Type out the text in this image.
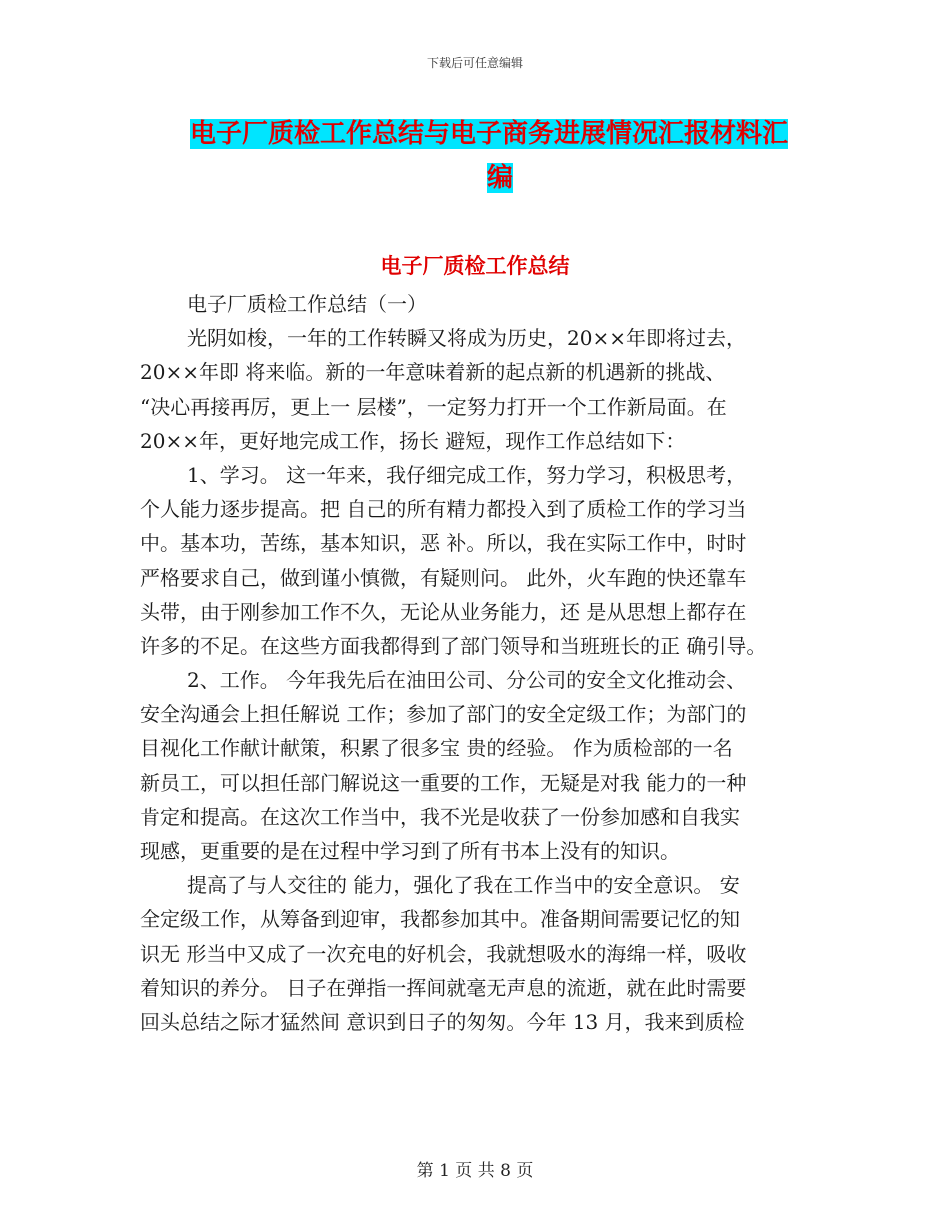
下载后可任意编辑
电子厂质检工作总结与电子商务进展情况汇报材料汇
编
电子厂质检工作总结
电子厂质检工作总结（一）
光阴如梭，一年的工作转瞬又将成为历史，20××年即将过去，
20××年即 将来临。新的一年意味着新的起点新的机遇新的挑战、
“决心再接再厉，更上一 层楼”，一定努力打开一个工作新局面。在
20××年，更好地完成工作，扬长 避短，现作工作总结如下：
1、学习。 这一年来，我仔细完成工作，努力学习，积极思考，
个人能力逐步提高。把 自己的所有精力都投入到了质检工作的学习当
中。基本功，苦练，基本知识，恶 补。所以，我在实际工作中，时时
严格要求自己，做到谨小慎微，有疑则问。 此外，火车跑的快还靠车
头带，由于刚参加工作不久，无论从业务能力，还 是从思想上都存在
许多的不足。在这些方面我都得到了部门领导和当班班长的正 确引导。
2、工作。 今年我先后在油田公司、分公司的安全文化推动会、
安全沟通会上担任解说 工作；参加了部门的安全定级工作；为部门的
目视化工作献计献策，积累了很多宝 贵的经验。 作为质检部的一名
新员工，可以担任部门解说这一重要的工作，无疑是对我 能力的一种
肯定和提高。在这次工作当中，我不光是收获了一份参加感和自我实
现感，更重要的是在过程中学习到了所有书本上没有的知识。
提高了与人交往的 能力，强化了我在工作当中的安全意识。 安
全定级工作，从筹备到迎审，我都参加其中。准备期间需要记忆的知
识无 形当中又成了一次充电的好机会，我就想吸水的海绵一样，吸收
着知识的养分。 日子在弹指一挥间就毫无声息的流逝，就在此时需要
回头总结之际才猛然间 意识到日子的匆匆。今年 13 月，我来到质检
第 1 页 共 8 页
